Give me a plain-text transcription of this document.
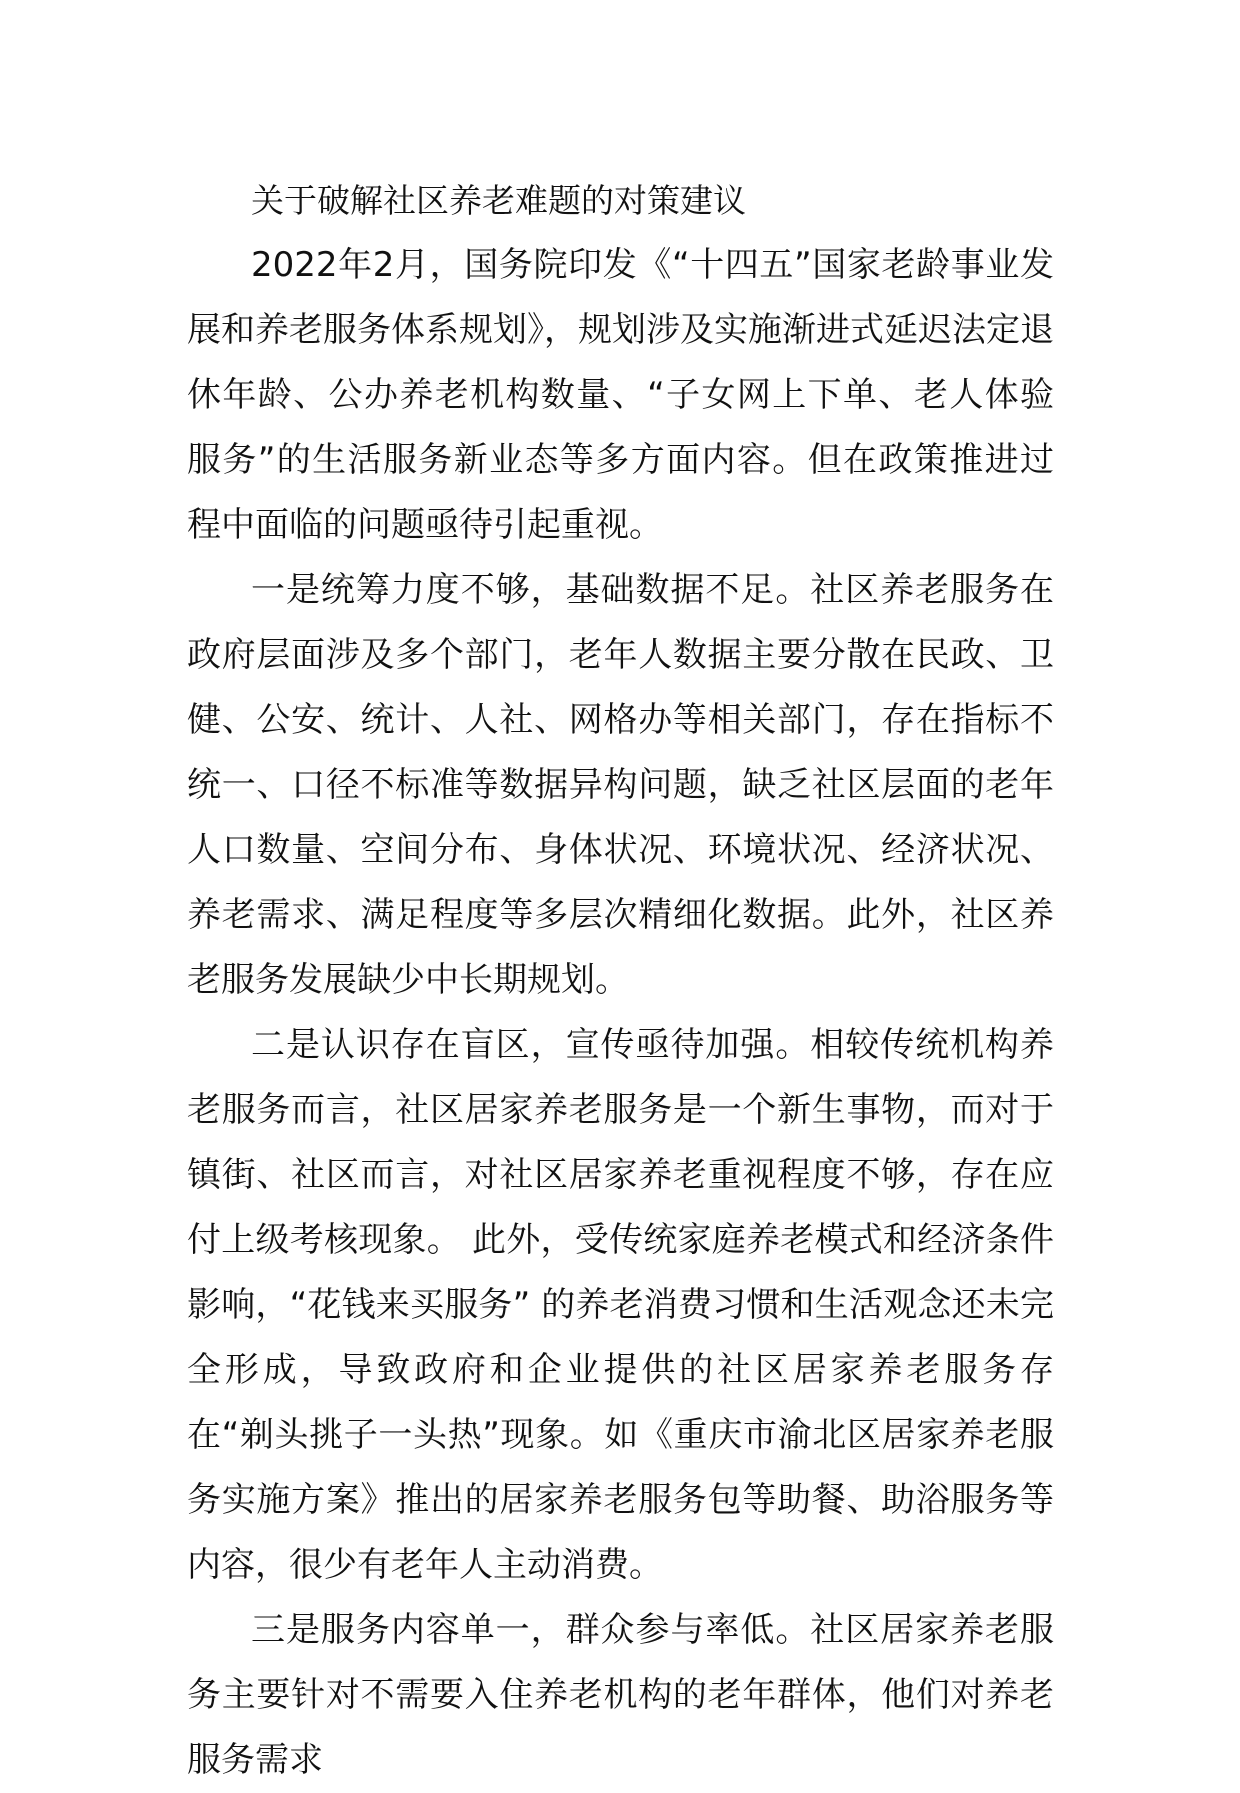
关于破解社区养老难题的对策建议

2022年2月，国务院印发《“十四五”国家老龄事业发展和养老服务体系规划》，规划涉及实施渐进式延迟法定退休年龄、公办养老机构数量、“子女网上下单、老人体验服务”的生活服务新业态等多方面内容。但在政策推进过程中面临的问题亟待引起重视。

一是统筹力度不够，基础数据不足。社区养老服务在政府层面涉及多个部门，老年人数据主要分散在民政、卫健、公安、统计、人社、网格办等相关部门，存在指标不统一、口径不标准等数据异构问题，缺乏社区层面的老年人口数量、空间分布、身体状况、环境状况、经济状况、养老需求、满足程度等多层次精细化数据。此外，社区养老服务发展缺少中长期规划。

二是认识存在盲区，宣传亟待加强。相较传统机构养老服务而言，社区居家养老服务是一个新生事物，而对于镇街、社区而言，对社区居家养老重视程度不够，存在应付上级考核现象。 此外，受传统家庭养老模式和经济条件影响，“花钱来买服务” 的养老消费习惯和生活观念还未完全形成，导致政府和企业提供的社区居家养老服务存在“剃头挑子一头热”现象。如《重庆市渝北区居家养老服务实施方案》推出的居家养老服务包等助餐、助浴服务等内容，很少有老年人主动消费。

三是服务内容单一，群众参与率低。社区居家养老服务主要针对不需要入住养老机构的老年群体，他们对养老服务需求
